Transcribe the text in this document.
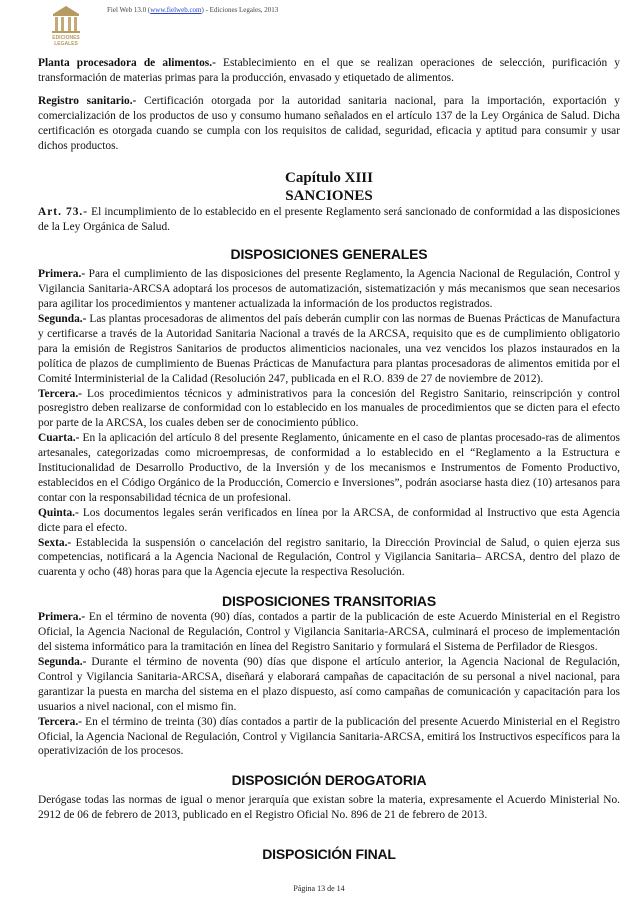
EDICIONES
LEGALES
Fiel Web 13.0 (www.fielweb.com) - Ediciones Legales, 2013

Planta procesadora de alimentos.- Establecimiento en el que se realizan operaciones de selección, purificación y transformación de materias primas para la producción, envasado y etiquetado de alimentos.

Registro sanitario.- Certificación otorgada por la autoridad sanitaria nacional, para la importación, exportación y comercialización de los productos de uso y consumo humano señalados en el artículo 137 de la Ley Orgánica de Salud. Dicha certificación es otorgada cuando se cumpla con los requisitos de calidad, seguridad, eficacia y aptitud para consumir y usar dichos productos.

Capítulo XIII

SANCIONES

Art. 73.- El incumplimiento de lo establecido en el presente Reglamento será sancionado de conformidad a las disposiciones de la Ley Orgánica de Salud.

DISPOSICIONES GENERALES

Primera.- Para el cumplimiento de las disposiciones del presente Reglamento, la Agencia Nacional de Regulación, Control y Vigilancia Sanitaria-ARCSA adoptará los procesos de automatización, sistematización y más mecanismos que sean necesarios para agilitar los procedimientos y mantener actualizada la información de los productos registrados.

Segunda.- Las plantas procesadoras de alimentos del país deberán cumplir con las normas de Buenas Prácticas de Manufactura y certificarse a través de la Autoridad Sanitaria Nacional a través de la ARCSA, requisito que es de cumplimiento obligatorio para la emisión de Registros Sanitarios de productos alimenticios nacionales, una vez vencidos los plazos instaurados en la política de plazos de cumplimiento de Buenas Prácticas de Manufactura para plantas procesadoras de alimentos emitida por el Comité Interministerial de la Calidad (Resolución 247, publicada en el R.O. 839 de 27 de noviembre de 2012).

Tercera.- Los procedimientos técnicos y administrativos para la concesión del Registro Sanitario, reinscripción y control posregistro deben realizarse de conformidad con lo establecido en los manuales de procedimientos que se dicten para el efecto por parte de la ARCSA, los cuales deben ser de conocimiento público.

Cuarta.- En la aplicación del artículo 8 del presente Reglamento, únicamente en el caso de plantas procesado-ras de alimentos artesanales, categorizadas como microempresas, de conformidad a lo establecido en el “Reglamento a la Estructura e Institucionalidad de Desarrollo Productivo, de la Inversión y de los mecanismos e Instrumentos de Fomento Productivo, establecidos en el Código Orgánico de la Producción, Comercio e Inversiones”, podrán asociarse hasta diez (10) artesanos para contar con la responsabilidad técnica de un profesional.

Quinta.- Los documentos legales serán verificados en línea por la ARCSA, de conformidad al Instructivo que esta Agencia dicte para el efecto.

Sexta.- Establecida la suspensión o cancelación del registro sanitario, la Dirección Provincial de Salud, o quien ejerza sus competencias, notificará a la Agencia Nacional de Regulación, Control y Vigilancia Sanitaria– ARCSA, dentro del plazo de cuarenta y ocho (48) horas para que la Agencia ejecute la respectiva Resolución.

DISPOSICIONES TRANSITORIAS

Primera.- En el término de noventa (90) días, contados a partir de la publicación de este Acuerdo Ministerial en el Registro Oficial, la Agencia Nacional de Regulación, Control y Vigilancia Sanitaria-ARCSA, culminará el proceso de implementación del sistema informático para la tramitación en línea del Registro Sanitario y formulará el Sistema de Perfilador de Riesgos.

Segunda.- Durante el término de noventa (90) días que dispone el artículo anterior, la Agencia Nacional de Regulación, Control y Vigilancia Sanitaria-ARCSA, diseñará y elaborará campañas de capacitación de su personal a nivel nacional, para garantizar la puesta en marcha del sistema en el plazo dispuesto, así como campañas de comunicación y capacitación para los usuarios a nivel nacional, con el mismo fin.

Tercera.- En el término de treinta (30) días contados a partir de la publicación del presente Acuerdo Ministerial en el Registro Oficial, la Agencia Nacional de Regulación, Control y Vigilancia Sanitaria-ARCSA, emitirá los Instructivos específicos para la operativización de los procesos.

DISPOSICIÓN DEROGATORIA

Derógase todas las normas de igual o menor jerarquía que existan sobre la materia, expresamente el Acuerdo Ministerial No. 2912 de 06 de febrero de 2013, publicado en el Registro Oficial No. 896 de 21 de febrero de 2013.

DISPOSICIÓN FINAL

Página 13 de 14
